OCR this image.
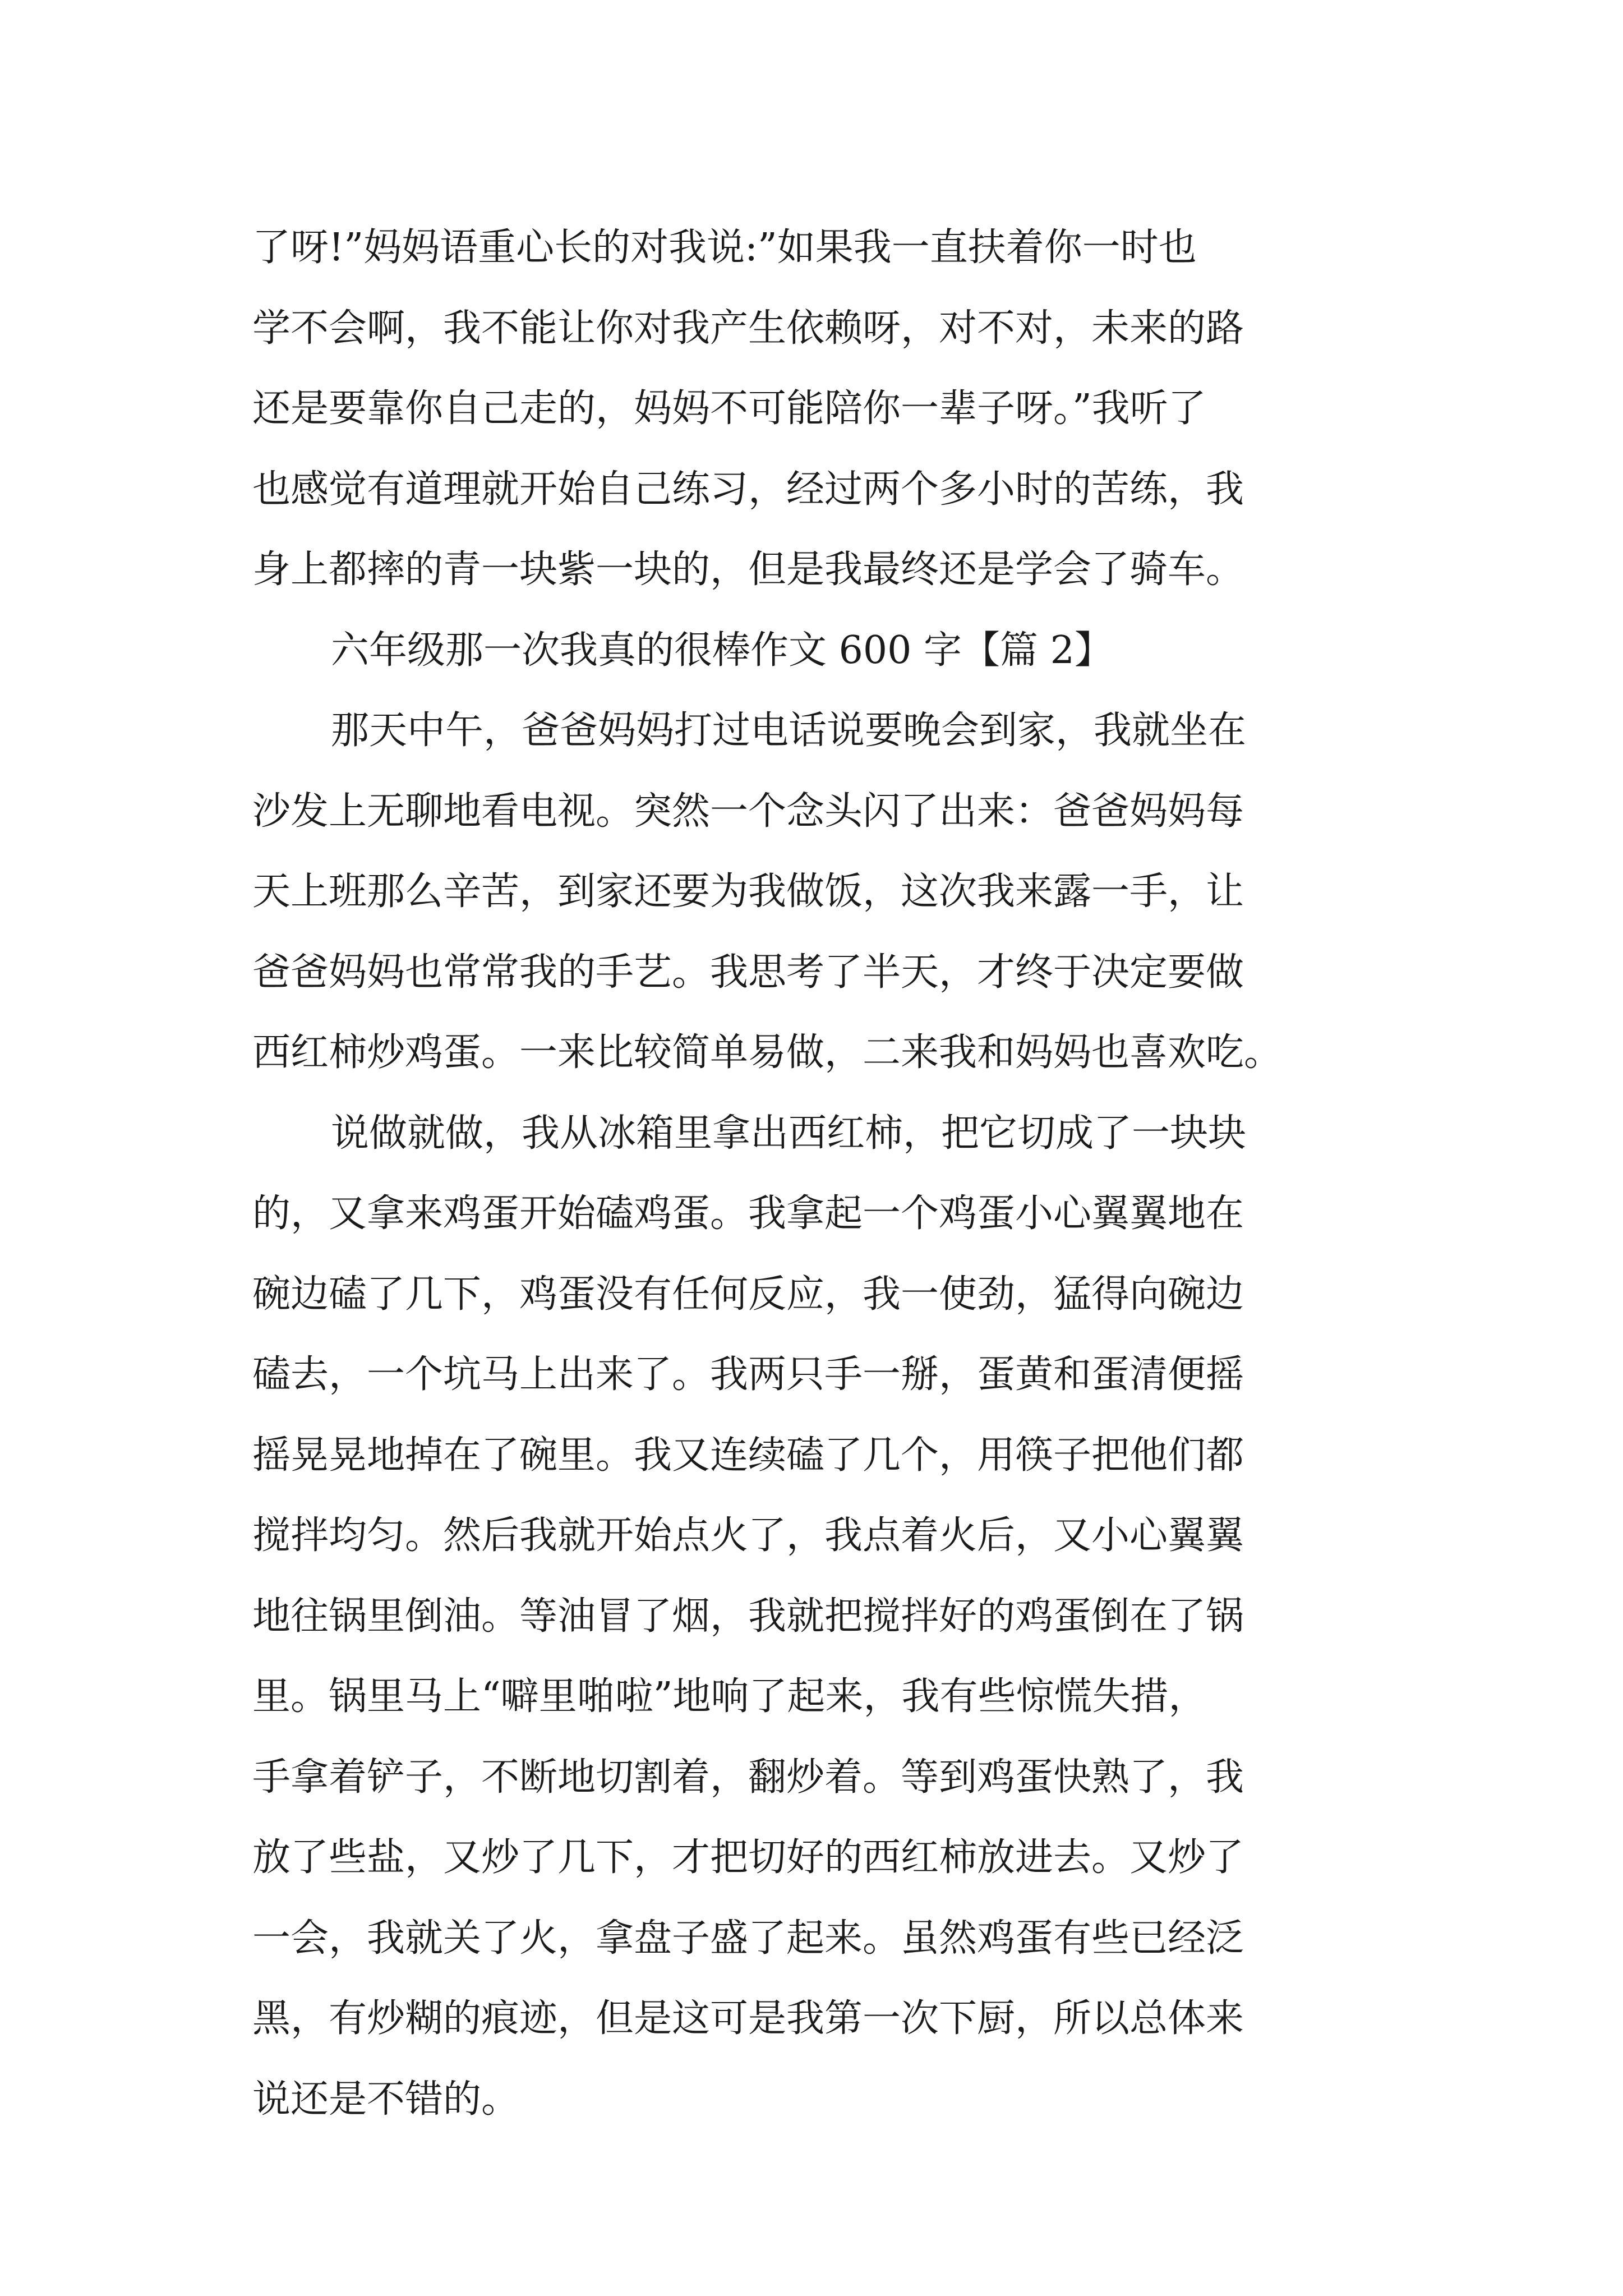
了呀!”妈妈语重心长的对我说:”如果我一直扶着你一时也
学不会啊，我不能让你对我产生依赖呀，对不对，未来的路
还是要靠你自己走的，妈妈不可能陪你一辈子呀。”我听了
也感觉有道理就开始自己练习，经过两个多小时的苦练，我
身上都摔的青一块紫一块的，但是我最终还是学会了骑车。
六年级那一次我真的很棒作文 600 字【篇 2】
那天中午，爸爸妈妈打过电话说要晚会到家，我就坐在
沙发上无聊地看电视。突然一个念头闪了出来：爸爸妈妈每
天上班那么辛苦，到家还要为我做饭，这次我来露一手，让
爸爸妈妈也常常我的手艺。我思考了半天，才终于决定要做
西红柿炒鸡蛋。一来比较简单易做，二来我和妈妈也喜欢吃。
说做就做，我从冰箱里拿出西红柿，把它切成了一块块
的，又拿来鸡蛋开始磕鸡蛋。我拿起一个鸡蛋小心翼翼地在
碗边磕了几下，鸡蛋没有任何反应，我一使劲，猛得向碗边
磕去，一个坑马上出来了。我两只手一掰，蛋黄和蛋清便摇
摇晃晃地掉在了碗里。我又连续磕了几个，用筷子把他们都
搅拌均匀。然后我就开始点火了，我点着火后，又小心翼翼
地往锅里倒油。等油冒了烟，我就把搅拌好的鸡蛋倒在了锅
里。锅里马上“噼里啪啦”地响了起来，我有些惊慌失措，
手拿着铲子，不断地切割着，翻炒着。等到鸡蛋快熟了，我
放了些盐，又炒了几下，才把切好的西红柿放进去。又炒了
一会，我就关了火，拿盘子盛了起来。虽然鸡蛋有些已经泛
黑，有炒糊的痕迹，但是这可是我第一次下厨，所以总体来
说还是不错的。
